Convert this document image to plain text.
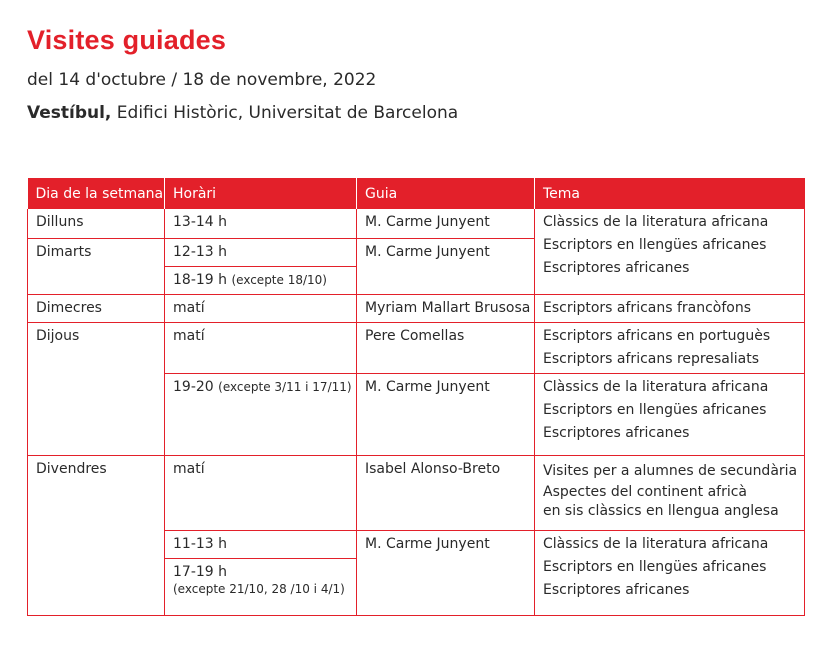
Visites guiades
del 14 d'octubre / 18 de novembre, 2022
Vestíbul, Edifici Històric, Universitat de Barcelona
Dia de la setmana	Horàri	Guia	Tema
Dilluns	13-14 h	M. Carme Junyent	Clàssics de la literatura africana
Escriptors en llengües africanes
Escriptores africanes

Dimarts	12-13 h	M. Carme Junyent	
	18-19 h (excepte 18/10)		
Dimecres	matí	Myriam Mallart Brusosa	Escriptors africans francòfons
Dijous	matí	Pere Comellas	Escriptors africans en portuguès
Escriptors africans represaliats

	19-20 (excepte 3/11 i 17/11)	M. Carme Junyent	Clàssics de la literatura africana
Escriptors en llengües africanes
Escriptores africanes

Divendres	matí	Isabel Alonso-Breto	Visites per a alumnes de secundària
Aspectes del continent africà
en sis clàssics en llengua anglesa

	11-13 h	M. Carme Junyent	Clàssics de la literatura africana
Escriptors en llengües africanes
Escriptores africanes

	17-19 h
(excepte 21/10, 28 /10 i 4/1)		
